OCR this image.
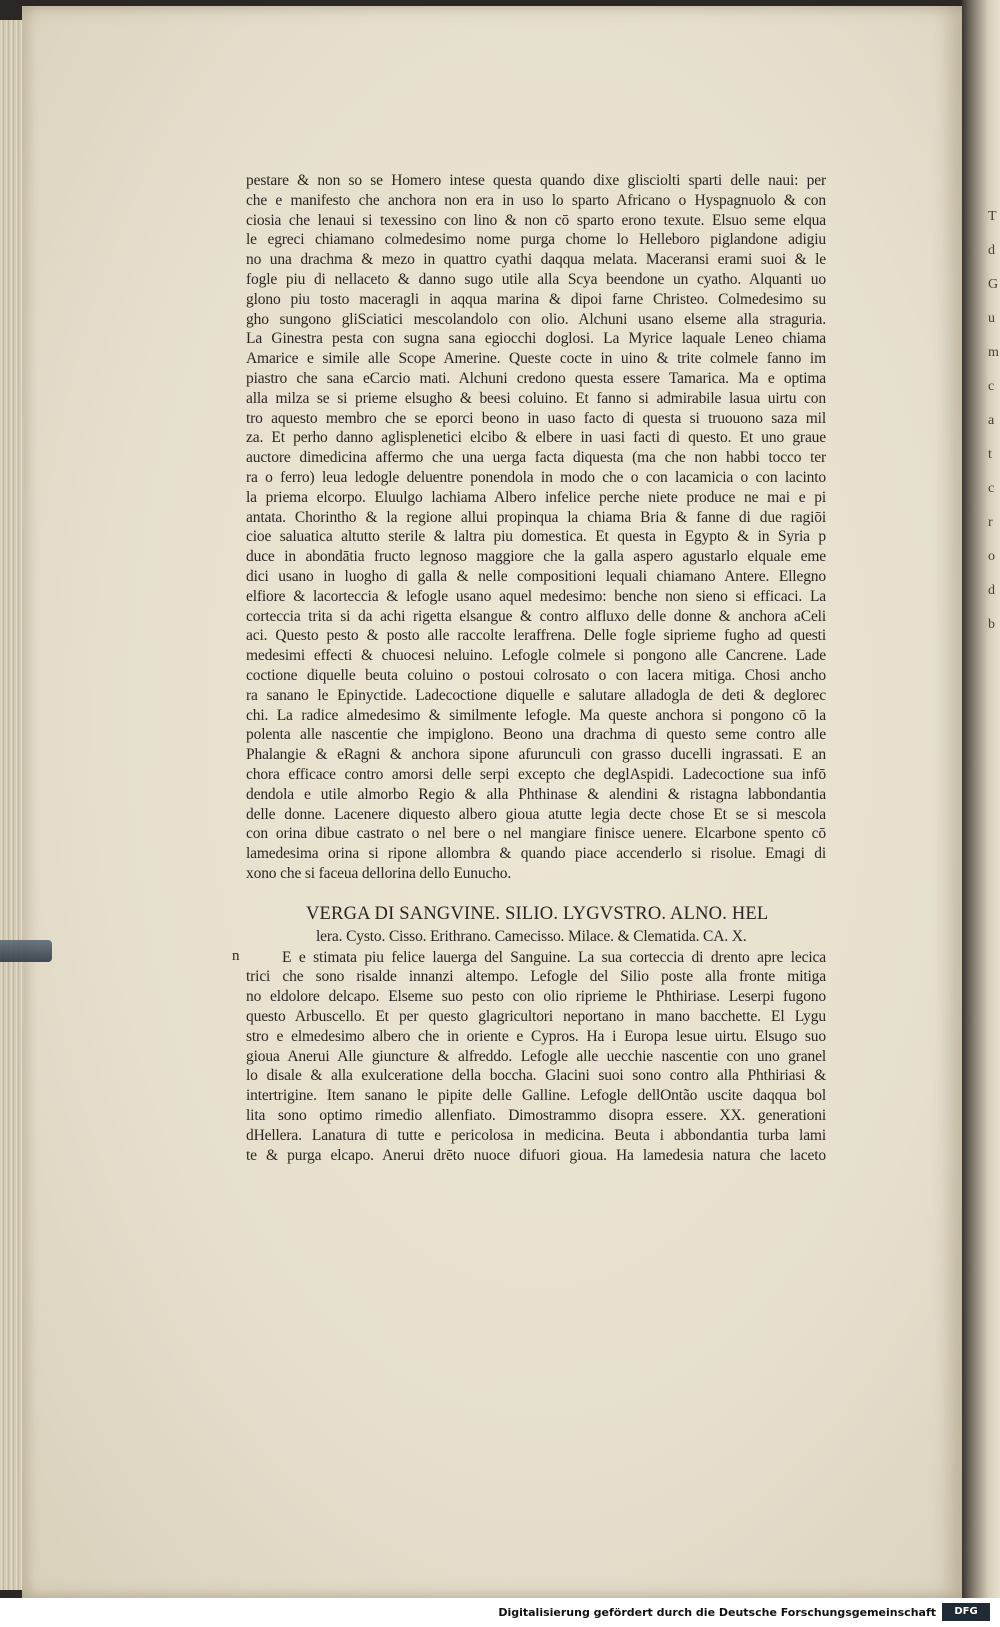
T
d
G
u
m
c
a
t
c
r
o
d
b
pestare & non so se Homero intese questa quando dixe glisciolti sparti delle naui: per
che e manifesto che anchora non era in uso lo sparto Africano o Hyspagnuolo & con
ciosia che lenaui si texessino con lino & non cō sparto erono texute. Elsuo seme elqua
le egreci chiamano colmedesimo nome purga chome lo Helleboro piglandone adigiu
no una drachma & mezo in quattro cyathi daqqua melata. Maceransi erami suoi & le
fogle piu di nellaceto & danno sugo utile alla Scya beendone un cyatho. Alquanti uo
glono piu tosto maceragli in aqqua marina & dipoi farne Christeo. Colmedesimo su
gho sungono gliSciatici mescolandolo con olio. Alchuni usano elseme alla straguria.
La Ginestra pesta con sugna sana egiocchi doglosi. La Myrice laquale Leneo chiama
Amarice e simile alle Scope Amerine. Queste cocte in uino & trite colmele fanno im
piastro che sana eCarcio mati. Alchuni credono questa essere Tamarica. Ma e optima
alla milza se si prieme elsugho & beesi coluino. Et fanno si admirabile lasua uirtu con
tro aquesto membro che se eporci beono in uaso facto di questa si truouono saza mil
za. Et perho danno aglisplenetici elcibo & elbere in uasi facti di questo. Et uno graue
auctore dimedicina affermo che una uerga facta diquesta (ma che non habbi tocco ter
ra o ferro) leua ledogle deluentre ponendola in modo che o con lacamicia o con lacinto
la priema elcorpo. Eluulgo lachiama Albero infelice perche niete produce ne mai e pi
antata. Chorintho & la regione allui propinqua la chiama Bria & fanne di due ragiōi
cioe saluatica altutto sterile & laltra piu domestica. Et questa in Egypto & in Syria p
duce in abondātia fructo legnoso maggiore che la galla aspero agustarlo elquale eme
dici usano in luogho di galla & nelle compositioni lequali chiamano Antere. Ellegno
elfiore & lacorteccia & lefogle usano aquel medesimo: benche non sieno si efficaci. La
corteccia trita si da achi rigetta elsangue & contro alfluxo delle donne & anchora aCeli
aci. Questo pesto & posto alle raccolte leraffrena. Delle fogle siprieme fugho ad questi
medesimi effecti & chuocesi neluino. Lefogle colmele si pongono alle Cancrene. Lade
coctione diquelle beuta coluino o postoui colrosato o con lacera mitiga. Chosi ancho
ra sanano le Epinyctide. Ladecoctione diquelle e salutare alladogla de deti & deglorec
chi. La radice almedesimo & similmente lefogle. Ma queste anchora si pongono cō la
polenta alle nascentie che impiglono. Beono una drachma di questo seme contro alle
Phalangie & eRagni & anchora sipone afurunculi con grasso ducelli ingrassati. E an
chora efficace contro amorsi delle serpi excepto che deglAspidi. Ladecoctione sua infō
dendola e utile almorbo Regio & alla Phthinase & alendini & ristagna labbondantia
delle donne. Lacenere diquesto albero gioua atutte legia decte chose Et se si mescola
con orina dibue castrato o nel bere o nel mangiare finisce uenere. Elcarbone spento cō
lamedesima orina si ripone allombra & quando piace accenderlo si risolue. Emagi di
xono che si faceua dellorina dello Eunucho.
VERGA DI SANGVINE. SILIO. LYGVSTRO. ALNO. HEL
lera. Cysto. Cisso. Erithrano. Camecisso. Milace. & Clematida. CA. X.
n	E e stimata piu felice lauerga del Sanguine. La sua corteccia di drento apre lecica
trici che sono risalde innanzi altempo. Lefogle del Silio poste alla fronte mitiga
no eldolore delcapo. Elseme suo pesto con olio riprieme le Phthiriase. Leserpi fugono
questo Arbuscello. Et per questo glagricultori neportano in mano bacchette. El Lygu
stro e elmedesimo albero che in oriente e Cypros. Ha i Europa lesue uirtu. Elsugo suo
gioua Anerui Alle giuncture & alfreddo. Lefogle alle uecchie nascentie con uno granel
lo disale & alla exulceratione della boccha. Glacini suoi sono contro alla Phthiriasi &
intertrigine. Item sanano le pipite delle Galline. Lefogle dellOntão uscite daqqua bol
lita sono optimo rimedio allenfiato. Dimostrammo disopra essere. XX. generationi
dHellera. Lanatura di tutte e pericolosa in medicina. Beuta i abbondantia turba lami
te & purga elcapo. Anerui drēto nuoce difuori gioua. Ha lamedesia natura che laceto
Digitalisierung gefördert durch die Deutsche Forschungsgemeinschaft	DFG
